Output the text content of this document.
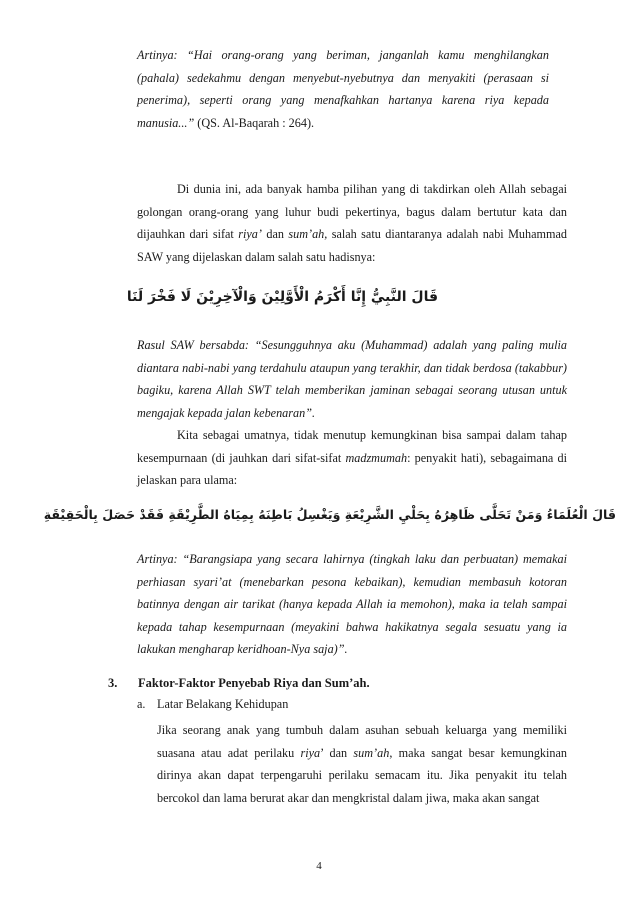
Artinya: “Hai orang-orang yang beriman, janganlah kamu menghilangkan (pahala) sedekahmu dengan menyebut-nyebutnya dan menyakiti (perasaan si penerima), seperti orang yang menafkahkan hartanya karena riya kepada manusia...” (QS. Al-Baqarah : 264).

Di dunia ini, ada banyak hamba pilihan yang di takdirkan oleh Allah sebagai golongan orang-orang yang luhur budi pekertinya, bagus dalam bertutur kata dan dijauhkan dari sifat riya’ dan sum’ah, salah satu diantaranya adalah nabi Muhammad SAW yang dijelaskan dalam salah satu hadisnya:

قَالَ النَّبِيُّ إِنَّا أَكْرَمُ الْأَوَّلِيْنَ وَالْآخِرِيْنَ لَا فَخْرَ لَنَا

Rasul SAW bersabda: “Sesungguhnya aku (Muhammad) adalah yang paling mulia diantara nabi-nabi yang terdahulu ataupun yang terakhir, dan tidak berdosa (takabbur) bagiku, karena Allah SWT telah memberikan jaminan sebagai seorang utusan untuk mengajak kepada jalan kebenaran”.

Kita sebagai umatnya, tidak menutup kemungkinan bisa sampai dalam tahap kesempurnaan (di jauhkan dari sifat-sifat madzmumah: penyakit hati), sebagaimana di jelaskan para ulama:

قَالَ الْعُلَمَاءُ وَمَنْ تَحَلَّى ظَاهِرُهُ بِحَلْيِ الشَّرِيْعَةِ وَيَغْسِلُ بَاطِنَهُ بِمِيَاهُ الطَّرِيْقَةِ فَقَدْ حَصَلَ بِالْحَقِيْقَةِ

Artinya: “Barangsiapa yang secara lahirnya (tingkah laku dan perbuatan) memakai perhiasan syari’at (menebarkan pesona kebaikan), kemudian membasuh kotoran batinnya dengan air tarikat (hanya kepada Allah ia memohon), maka ia telah sampai kepada tahap kesempurnaan (meyakini bahwa hakikatnya segala sesuatu yang ia lakukan mengharap keridhoan-Nya saja)”.

3. Faktor-Faktor Penyebab Riya dan Sum’ah.

a. Latar Belakang Kehidupan

Jika seorang anak yang tumbuh dalam asuhan sebuah keluarga yang memiliki suasana atau adat perilaku riya’ dan sum’ah, maka sangat besar kemungkinan dirinya akan dapat terpengaruhi perilaku semacam itu. Jika penyakit itu telah bercokol dan lama berurat akar dan mengkristal dalam jiwa, maka akan sangat

4
